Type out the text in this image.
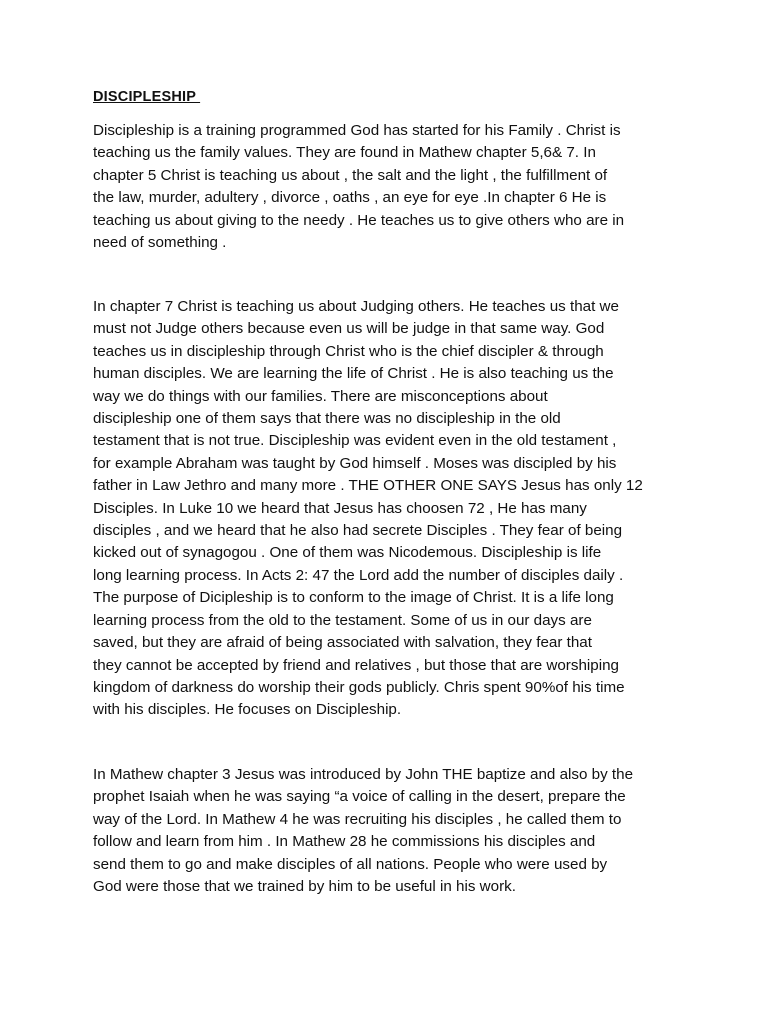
DISCIPLESHIP

Discipleship is a training programmed God has started for his Family . Christ is
teaching us the family values. They are found in Mathew chapter 5,6& 7. In
chapter 5 Christ is teaching us about , the salt and the light , the fulfillment of
the law, murder, adultery , divorce , oaths , an eye for eye .In chapter 6 He is
teaching us about giving to the needy . He teaches us to give others who are in
need of something .

In chapter 7 Christ is teaching us about Judging others. He teaches us that we
must not Judge others because even us will be judge in that same way. God
teaches us in discipleship through Christ who is the chief discipler & through
human disciples. We are learning the life of Christ . He is also teaching us the
way we do things with our families. There are misconceptions about
discipleship one of them says that there was no discipleship in the old
testament that is not true. Discipleship was evident even in the old testament ,
for example Abraham was taught by God himself . Moses was discipled by his
father in Law Jethro and many more . THE OTHER ONE SAYS Jesus has only 12
Disciples. In Luke 10 we heard that Jesus has choosen 72 , He has many
disciples , and we heard that he also had secrete Disciples . They fear of being
kicked out of synagogou . One of them was Nicodemous. Discipleship is life
long learning process. In Acts 2: 47 the Lord add the number of disciples daily .
The purpose of Dicipleship is to conform to the image of Christ. It is a life long
learning process from the old to the testament. Some of us in our days are
saved, but they are afraid of being associated with salvation, they fear that
they cannot be accepted by friend and relatives , but those that are worshiping
kingdom of darkness do worship their gods publicly. Chris spent 90%of his time
with his disciples. He focuses on Discipleship.

In Mathew chapter 3 Jesus was introduced by John THE baptize and also by the
prophet Isaiah when he was saying “a voice of calling in the desert, prepare the
way of the Lord. In Mathew 4 he was recruiting his disciples , he called them to
follow and learn from him . In Mathew 28 he commissions his disciples and
send them to go and make disciples of all nations. People who were used by
God were those that we trained by him to be useful in his work.
